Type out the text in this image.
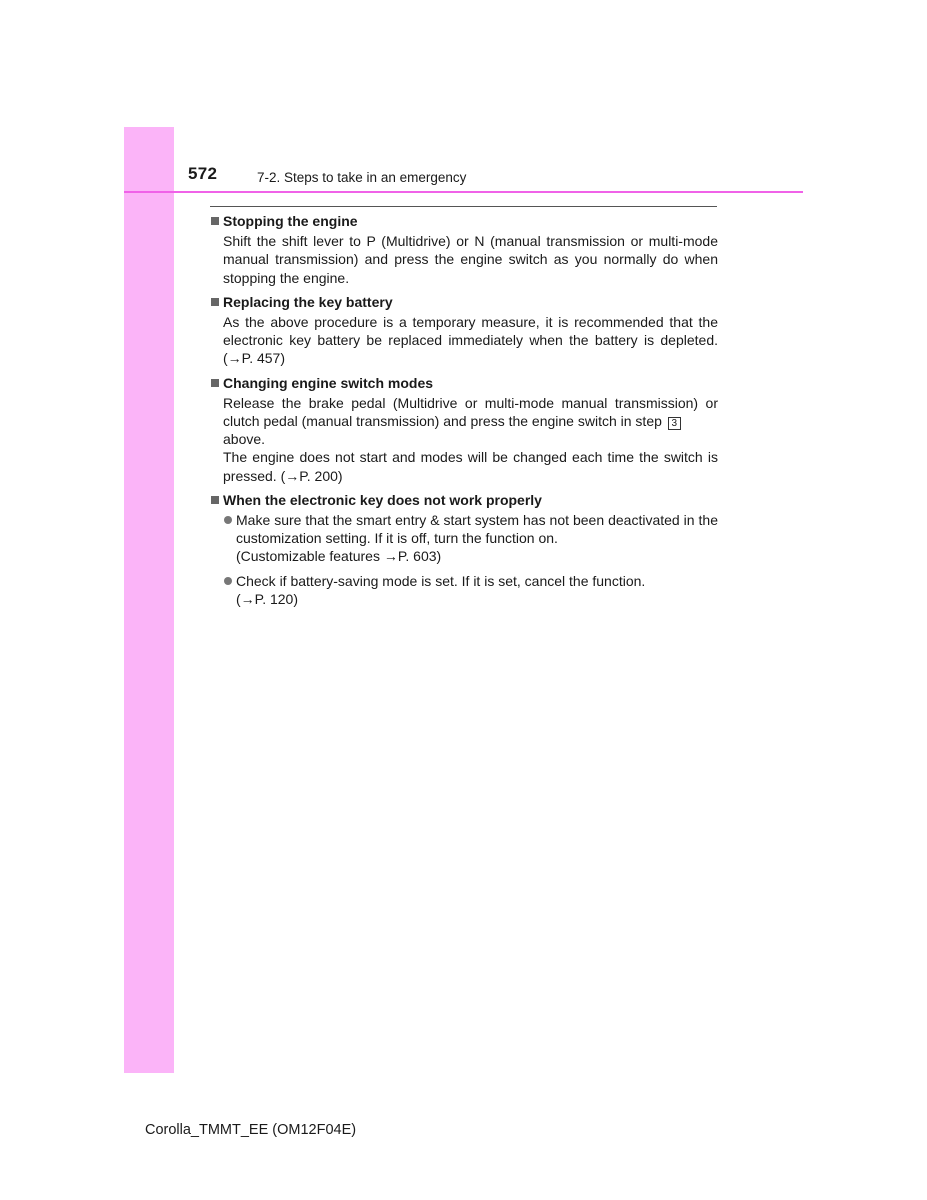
572	7-2. Steps to take in an emergency

Stopping the engine

Shift the shift lever to P (Multidrive) or N (manual transmission or multi-mode manual transmission) and press the engine switch as you normally do when stopping the engine.

Replacing the key battery

As the above procedure is a temporary measure, it is recommended that the electronic key battery be replaced immediately when the battery is depleted. (→P. 457)

Changing engine switch modes

Release the brake pedal (Multidrive or multi-mode manual transmission) or clutch pedal (manual transmission) and press the engine switch in step 3
above.

The engine does not start and modes will be changed each time the switch is pressed. (→P. 200)

When the electronic key does not work properly

Make sure that the smart entry & start system has not been deactivated in the customization setting. If it is off, turn the function on.

(Customizable features →P. 603)

Check if battery-saving mode is set. If it is set, cancel the function.

(→P. 120)

Corolla_TMMT_EE (OM12F04E)
